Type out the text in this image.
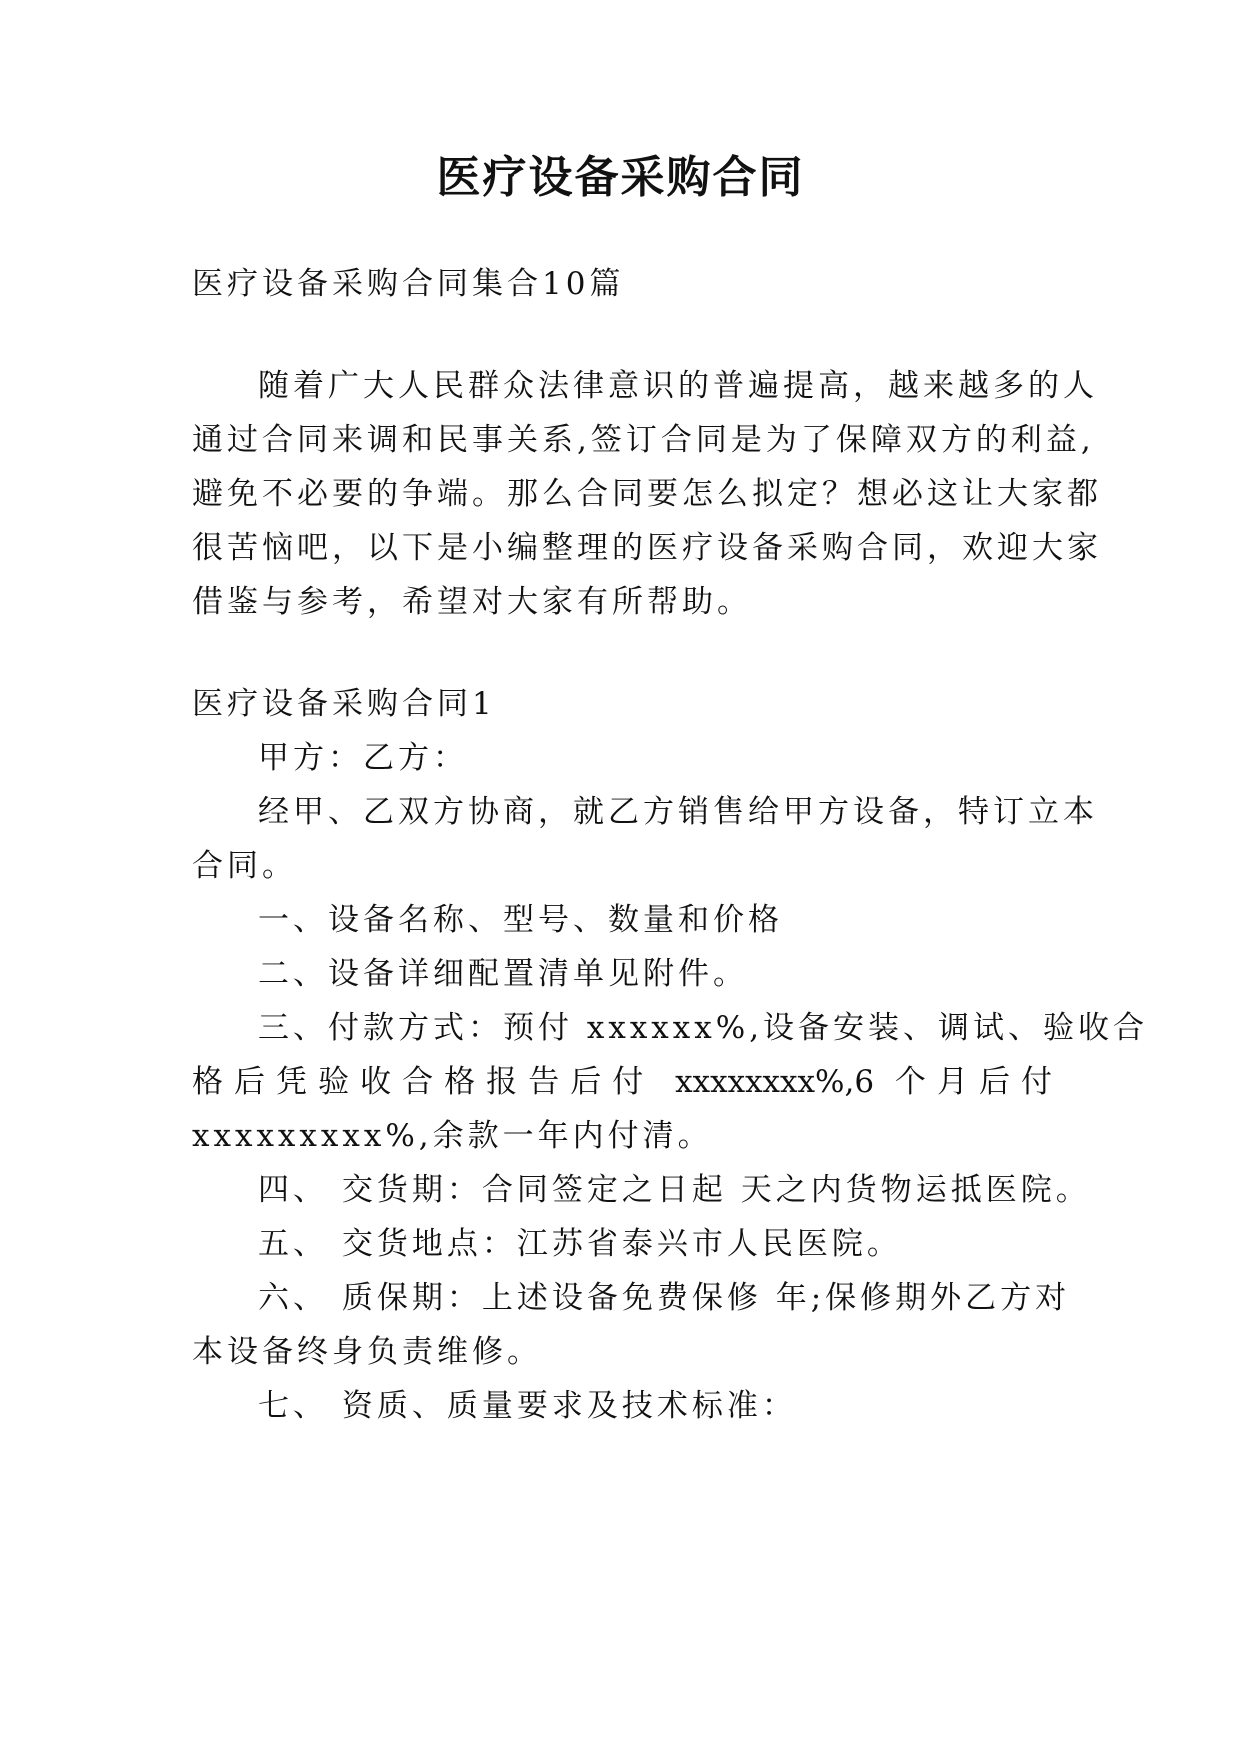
医疗设备采购合同
医疗设备采购合同集合10篇
随着广大人民群众法律意识的普遍提高，越来越多的人
通过合同来调和民事关系,签订合同是为了保障双方的利益,
避免不必要的争端。那么合同要怎么拟定？想必这让大家都
很苦恼吧，以下是小编整理的医疗设备采购合同，欢迎大家
借鉴与参考，希望对大家有所帮助。
医疗设备采购合同1
甲方：乙方：
经甲、乙双方协商，就乙方销售给甲方设备，特订立本
合同。
一、设备名称、型号、数量和价格
二、设备详细配置清单见附件。
三、付款方式：预付 xxxxxx%,设备安装、调试、验收合
格后凭验收合格报告后付 xxxxxxxx%,6 个月后付
xxxxxxxxx%,余款一年内付清。
四、 交货期：合同签定之日起 天之内货物运抵医院。
五、 交货地点：江苏省泰兴市人民医院。
六、 质保期：上述设备免费保修 年;保修期外乙方对
本设备终身负责维修。
七、 资质、质量要求及技术标准：
